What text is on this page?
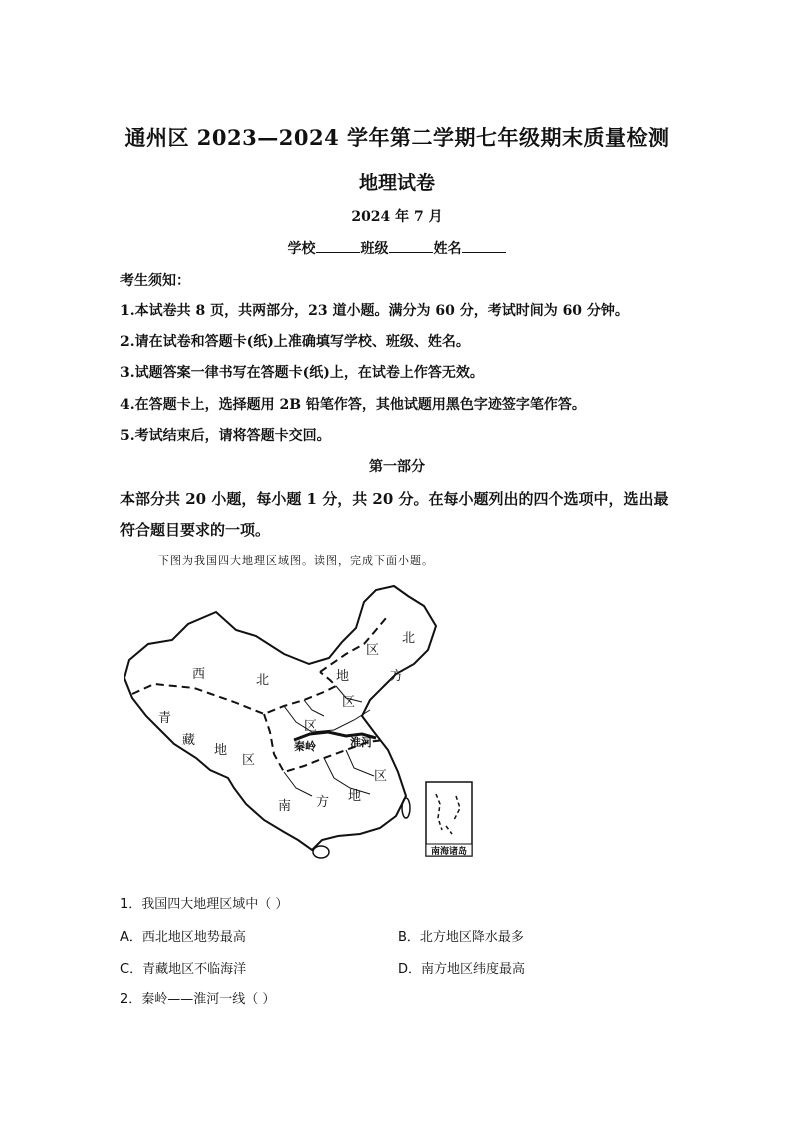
通州区 2023—2024 学年第二学期七年级期末质量检测
地理试卷
2024 年 7 月
学校	班级	姓名
考生须知：
1.本试卷共 8 页，共两部分，23 道小题。满分为 60 分，考试时间为 60 分钟。
2.请在试卷和答题卡(纸)上准确填写学校、班级、姓名。
3.试题答案一律书写在答题卡(纸)上，在试卷上作答无效。
4.在答题卡上，选择题用 2B 铅笔作答，其他试题用黑色字迹签字笔作答。
5.考试结束后，请将答题卡交回。
第一部分
本部分共 20 小题，每小题 1 分，共 20 分。在每小题列出的四个选项中，选出最符合题目要求的一项。
下图为我国四大地理区域图。读图，完成下面小题。
西	北
区
地
区
青
藏
地
区
北
方
区
南 方 地
区
秦岭	淮河
南海诸岛
1．我国四大地理区域中（ ）
A．西北地区地势最高	B．北方地区降水最多
C．青藏地区不临海洋	D．南方地区纬度最高
2．秦岭——淮河一线（ ）
